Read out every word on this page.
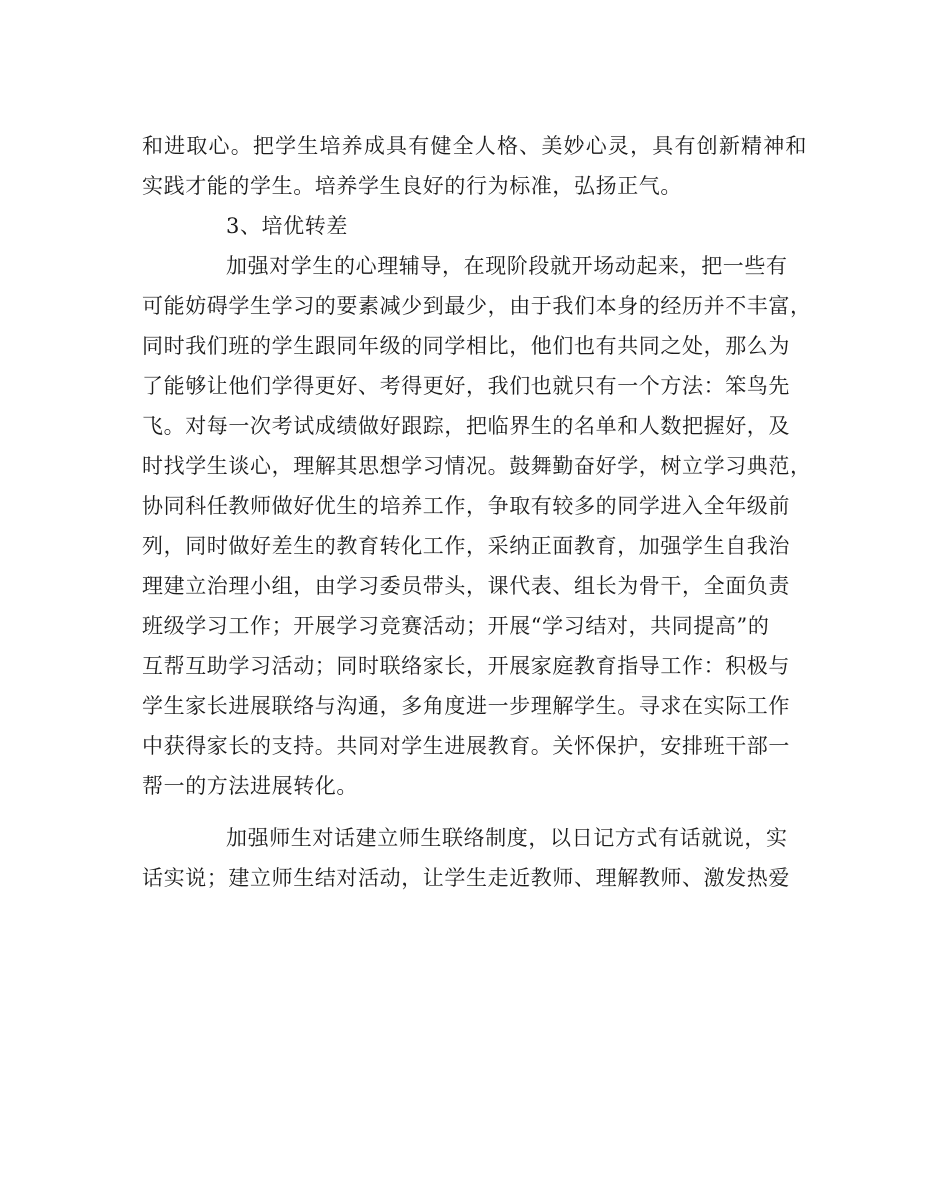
和进取心。把学生培养成具有健全人格、美妙心灵，具有创新精神和
实践才能的学生。培养学生良好的行为标准，弘扬正气。
3、培优转差
加强对学生的心理辅导，在现阶段就开场动起来，把一些有
可能妨碍学生学习的要素减少到最少，由于我们本身的经历并不丰富，
同时我们班的学生跟同年级的同学相比，他们也有共同之处，那么为
了能够让他们学得更好、考得更好，我们也就只有一个方法：笨鸟先
飞。对每一次考试成绩做好跟踪，把临界生的名单和人数把握好，及
时找学生谈心，理解其思想学习情况。鼓舞勤奋好学，树立学习典范，
协同科任教师做好优生的培养工作，争取有较多的同学进入全年级前
列，同时做好差生的教育转化工作，采纳正面教育，加强学生自我治
理建立治理小组，由学习委员带头，课代表、组长为骨干，全面负责
班级学习工作；开展学习竞赛活动；开展“学习结对，共同提高”的
互帮互助学习活动；同时联络家长，开展家庭教育指导工作：积极与
学生家长进展联络与沟通，多角度进一步理解学生。寻求在实际工作
中获得家长的支持。共同对学生进展教育。关怀保护，安排班干部一
帮一的方法进展转化。
加强师生对话建立师生联络制度，以日记方式有话就说，实
话实说；建立师生结对活动，让学生走近教师、理解教师、激发热爱
